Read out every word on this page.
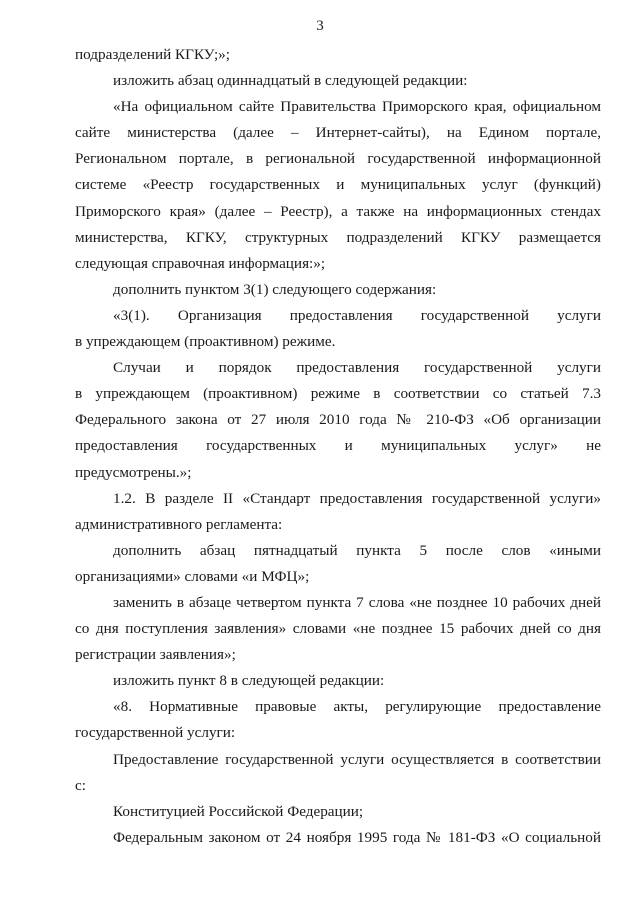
3
подразделений КГКУ;»;
изложить абзац одиннадцатый в следующей редакции:
«На официальном сайте Правительства Приморского края, официальном
сайте министерства (далее – Интернет-сайты), на Едином портале,
Региональном портале, в региональной государственной информационной
системе «Реестр государственных и муниципальных услуг (функций)
Приморского края» (далее – Реестр), а также на информационных стендах
министерства, КГКУ, структурных подразделений КГКУ размещается
следующая справочная информация:»;
дополнить пунктом 3(1) следующего содержания:
«3(1). Организация предоставления государственной услуги
в упреждающем (проактивном) режиме.
Случаи и порядок предоставления государственной услуги
в упреждающем (проактивном) режиме в соответствии со статьей 7.3
Федерального закона от 27 июля 2010 года № 210-ФЗ «Об организации
предоставления государственных и муниципальных услуг» не
предусмотрены.»;
1.2. В разделе II «Стандарт предоставления государственной услуги»
административного регламента:
дополнить абзац пятнадцатый пункта 5 после слов «иными
организациями» словами «и МФЦ»;
заменить в абзаце четвертом пункта 7 слова «не позднее 10 рабочих дней
со дня поступления заявления» словами «не позднее 15 рабочих дней со дня
регистрации заявления»;
изложить пункт 8 в следующей редакции:
«8. Нормативные правовые акты, регулирующие предоставление
государственной услуги:
Предоставление государственной услуги осуществляется в соответствии
с:
Конституцией Российской Федерации;
Федеральным законом от 24 ноября 1995 года № 181-ФЗ «О социальной
